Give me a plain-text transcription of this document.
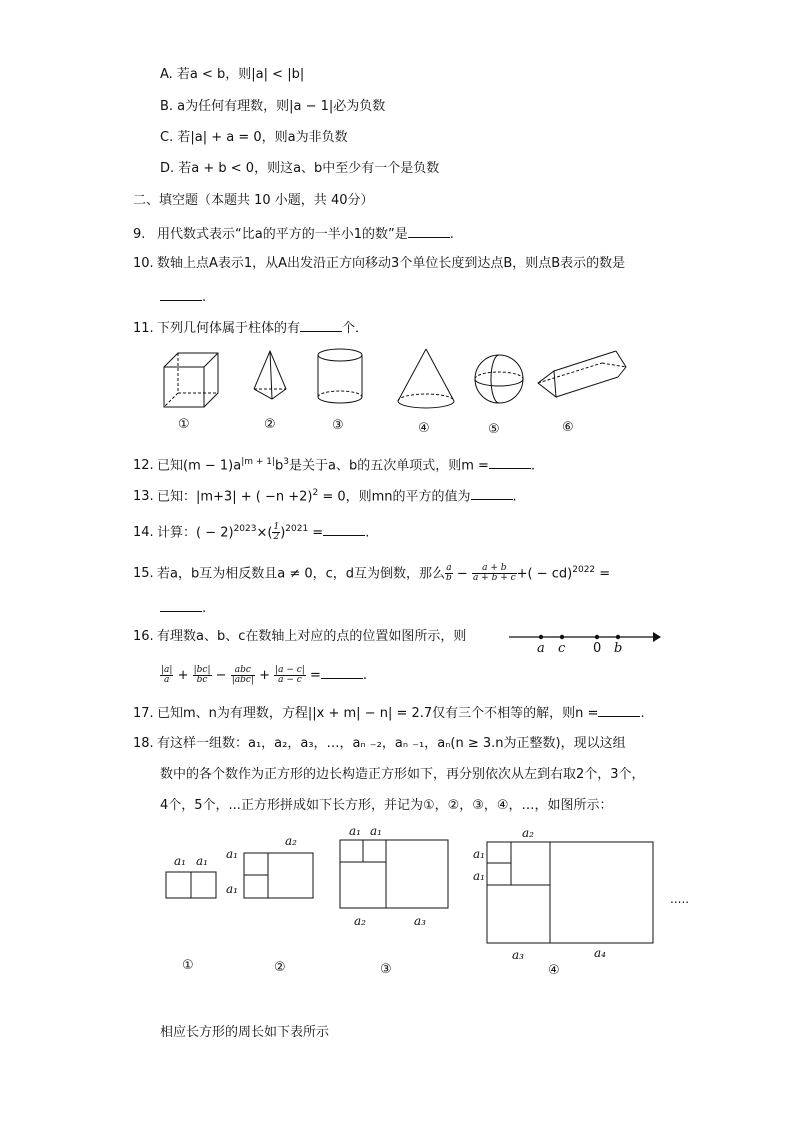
A. 若a < b，则|a| < |b|
B. a为任何有理数，则|a − 1|必为负数
C. 若|a| + a = 0，则a为非负数
D. 若a + b < 0，则这a、b中至少有一个是负数
二、填空题（本题共 10 小题，共 40分）
9. 用代数式表示“比a的平方的一半小1的数”是	.
10. 数轴上点A表示1，从A出发沿正方向移动3个单位长度到达点B，则点B表示的数是
.
11. 下列几何体属于柱体的有	个．
①	②	③	④	⑤	⑥
12. 已知$(m - 1)a^{|m + 1|}b^3$是关于a、b的五次单项式，则m =	.
13. 已知：|m+3| + ( −n +2)$^2$ = 0，则mn的平方的值为	.
14. 计算：( − $2)^{2023}\times( \frac{1}{2} )^{2021}$ =	.
15. 若a，b互为相反数且a ≠ 0，c，d互为倒数，那么 $\frac{a}{b} - \frac{a + b}{a + b + c}$ +( − cd)$^{2022}$ =
.
16. 有理数a、b、c在数轴上对应的点的位置如图所示，则
a c 0 b
$\frac{|a|}{a} + \frac{|bc|}{bc} - \frac{\text{abc}}{\text{|abc|}} + \frac{|a - c|}{a - c}$ =	.
17. 已知m、n为有理数，方程||x + m| − n| = 2.7仅有三个不相等的解，则n =	.
18. 有这样一组数：a₁，a₂，a₃，…，aₙ ₋₂，aₙ ₋₁，aₙ(n ≥ 3.n为正整数)，现以这组
数中的各个数作为正方形的边长构造正方形如下，再分别依次从左到右取2个，3个，
4个，5个，...正方形拼成如下长方形，并记为①，②，③，④，…，如图所示：
a₁ a₁
a₂
a₁
a₁
a₁ a₁
a₂	a₃
a₂
a₁
a₁
a₃	a₄
.....
①	②	③	④
相应长方形的周长如下表所示
